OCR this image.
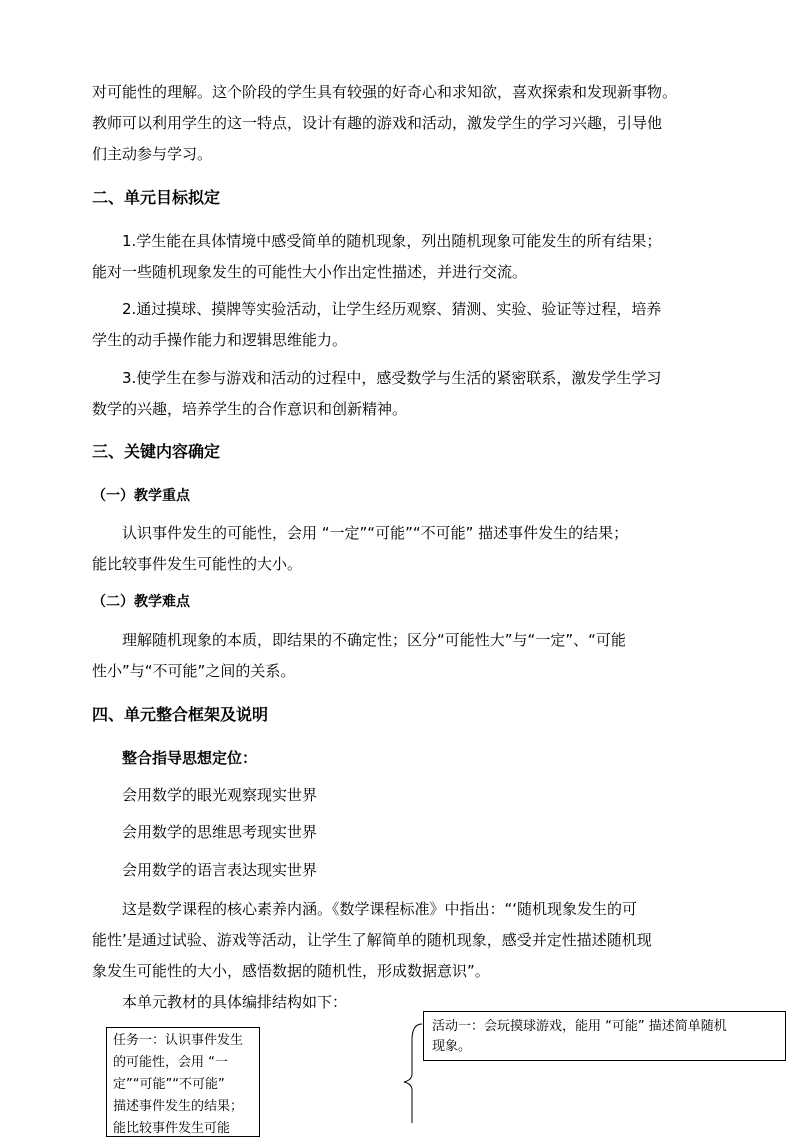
对可能性的理解。这个阶段的学生具有较强的好奇心和求知欲，喜欢探索和发现新事物。
教师可以利用学生的这一特点，设计有趣的游戏和活动，激发学生的学习兴趣，引导他
们主动参与学习。
二、单元目标拟定
1.学生能在具体情境中感受简单的随机现象，列出随机现象可能发生的所有结果；
能对一些随机现象发生的可能性大小作出定性描述，并进行交流。
2.通过摸球、摸牌等实验活动，让学生经历观察、猜测、实验、验证等过程，培养
学生的动手操作能力和逻辑思维能力。
3.使学生在参与游戏和活动的过程中，感受数学与生活的紧密联系，激发学生学习
数学的兴趣，培养学生的合作意识和创新精神。
三、关键内容确定
（一）教学重点
认识事件发生的可能性，会用 “一定”“可能”“不可能” 描述事件发生的结果；
能比较事件发生可能性的大小。
（二）教学难点
理解随机现象的本质，即结果的不确定性；区分“可能性大”与“一定”、“可能
性小”与“不可能”之间的关系。
四、单元整合框架及说明
整合指导思想定位：
会用数学的眼光观察现实世界
会用数学的思维思考现实世界
会用数学的语言表达现实世界
这是数学课程的核心素养内涵。《数学课程标准》中指出：“‘随机现象发生的可
能性’是通过试验、游戏等活动，让学生了解简单的随机现象，感受并定性描述随机现
象发生可能性的大小，感悟数据的随机性，形成数据意识”。
本单元教材的具体编排结构如下：
任务一：认识事件发生
的可能性，会用 “一
定”“可能”“不可能”
描述事件发生的结果；
能比较事件发生可能
活动一：会玩摸球游戏，能用 “可能” 描述简单随机
现象。
